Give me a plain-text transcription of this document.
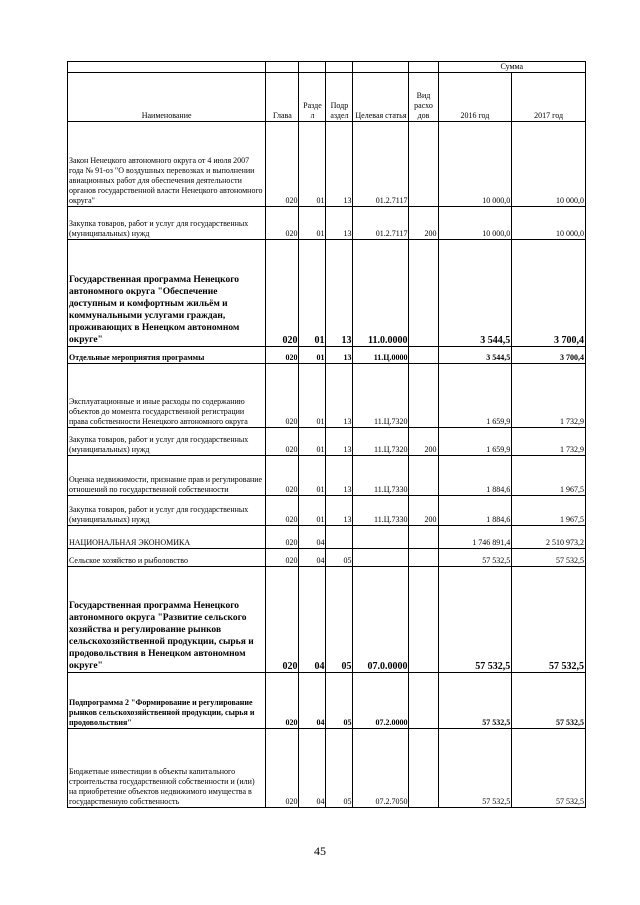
						Сумма	
Наименование	Глава	Разде л	Подр аздел	Целевая статья	Вид расхо дов	2016 год	2017 год
Закон Ненецкого автономного округа от 4 июля 2007 года № 91-оз "О воздушных перевозках и выполнении авиационных работ для обеспечения деятельности органов государственной власти Ненецкого автономного округа"	020	01	13	01.2.7117		10 000,0	10 000,0
Закупка товаров, работ и услуг для государственных (муниципальных) нужд	020	01	13	01.2.7117	200	10 000,0	10 000,0
Государственная программа Ненецкого автономного округа "Обеспечение доступным и комфортным жильём и коммунальными услугами граждан, проживающих в Ненецком автономном округе"	020	01	13	11.0.0000		3 544,5	3 700,4
Отдельные мероприятия программы	020	01	13	11.Ц.0000		3 544,5	3 700,4
Эксплуатационные и иные расходы по содержанию объектов до момента государственной регистрации права собственности Ненецкого автономного округа	020	01	13	11.Ц.7320		1 659,9	1 732,9
Закупка товаров, работ и услуг для государственных (муниципальных) нужд	020	01	13	11.Ц.7320	200	1 659,9	1 732,9
Оценка недвижимости, признание прав и регулирование отношений по государственной собственности	020	01	13	11.Ц.7330		1 884,6	1 967,5
Закупка товаров, работ и услуг для государственных (муниципальных) нужд	020	01	13	11.Ц.7330	200	1 884,6	1 967,5
НАЦИОНАЛЬНАЯ ЭКОНОМИКА	020	04				1 746 891,4	2 510 973,2
Сельское хозяйство и рыболовство	020	04	05			57 532,5	57 532,5
Государственная программа Ненецкого автономного округа "Развитие сельского хозяйства и регулирование рынков сельскохозяйственной продукции, сырья и продовольствия в Ненецком автономном округе"	020	04	05	07.0.0000		57 532,5	57 532,5
Подпрограмма 2 "Формирование и регулирование рынков сельскохозяйственной продукции, сырья и продовольствия"	020	04	05	07.2.0000		57 532,5	57 532,5
Бюджетные инвестиции в объекты капитального строительства государственной собственности и (или) на приобретение объектов недвижимого имущества в государственную собственность	020	04	05	07.2.7050		57 532,5	57 532,5
45
